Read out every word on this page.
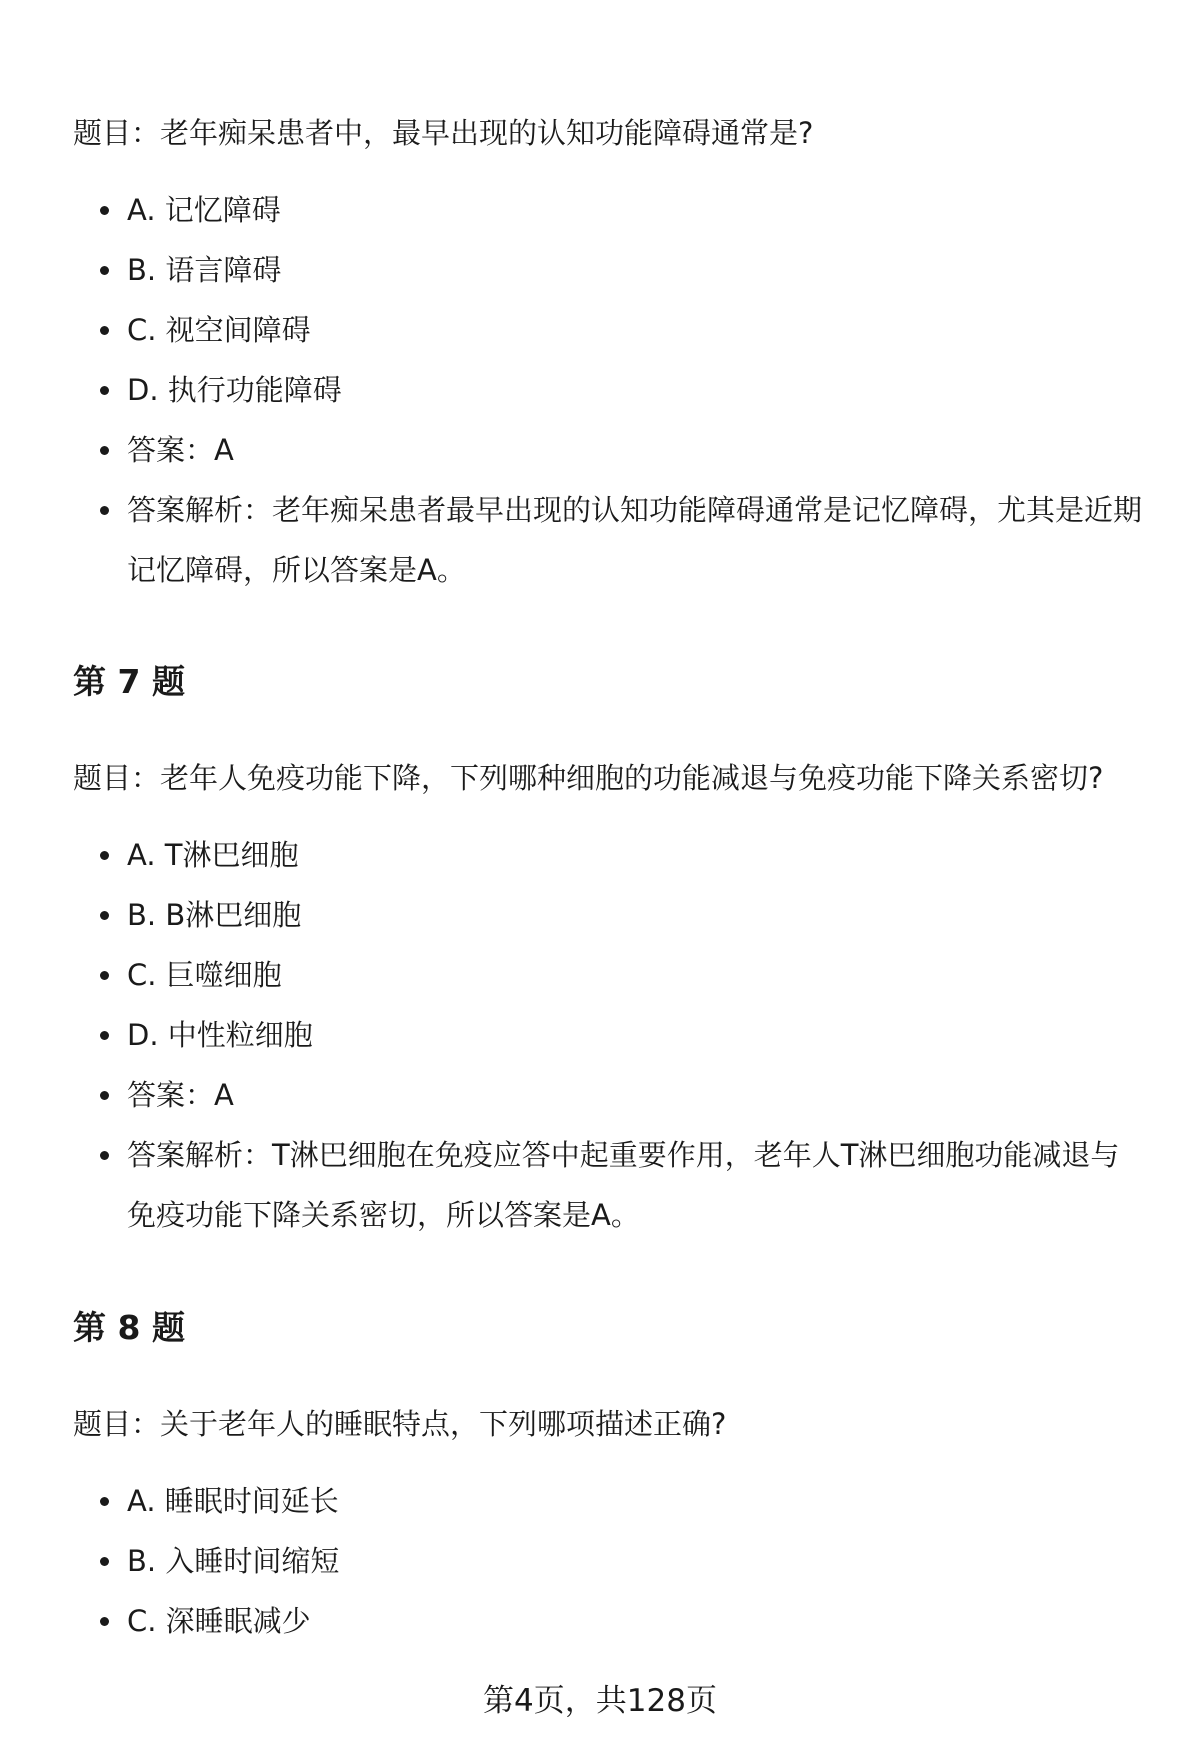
题目：老年痴呆患者中，最早出现的认知功能障碍通常是?

A. 记忆障碍
B. 语言障碍
C. 视空间障碍
D. 执行功能障碍
答案：A
答案解析：老年痴呆患者最早出现的认知功能障碍通常是记忆障碍，尤其是近期记忆障碍，所以答案是A。
第 7 题

题目：老年人免疫功能下降，下列哪种细胞的功能减退与免疫功能下降关系密切?

A. T淋巴细胞
B. B淋巴细胞
C. 巨噬细胞
D. 中性粒细胞
答案：A
答案解析：T淋巴细胞在免疫应答中起重要作用，老年人T淋巴细胞功能减退与免疫功能下降关系密切，所以答案是A。
第 8 题

题目：关于老年人的睡眠特点，下列哪项描述正确?

A. 睡眠时间延长
B. 入睡时间缩短
C. 深睡眠减少
第4页，共128页
